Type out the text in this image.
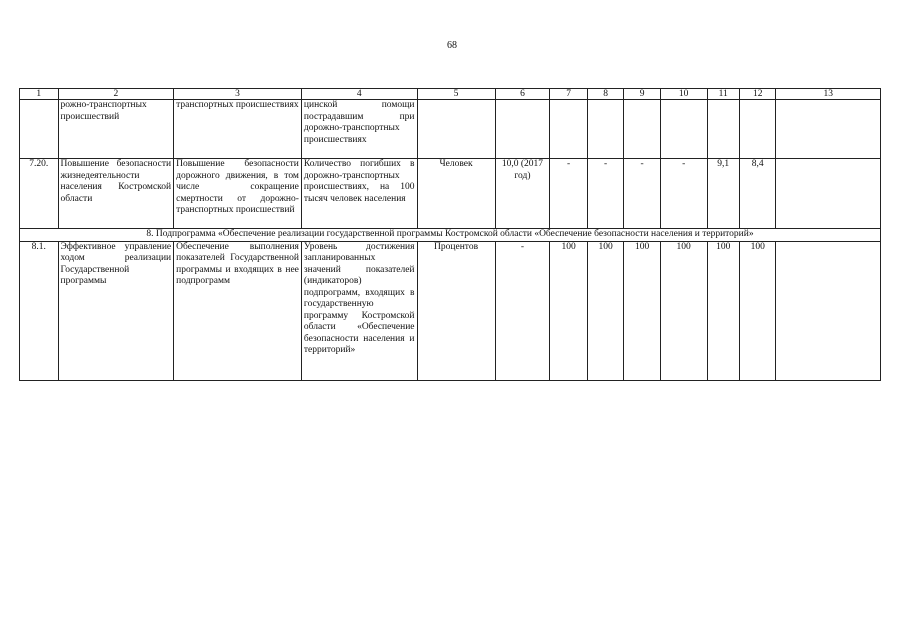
68
1	2	3	4	5	6	7	8	9	10	11	12	13
	рожно-транспортных происшествий	транспортных происшествиях	цинской помощи пострадавшим при дорожно-транспортных происшествиях									
7.20.	Повышение безопасности жизнедеятельности населения Костромской области	Повышение безопасности дорожного движения, в том числе сокращение смертности от дорожно-транспортных происшествий	Количество погибших в дорожно-транспортных происшествиях, на 100 тысяч человек населения	Человек	10,0 (2017 год)	-	-	-	-	9,1	8,4	
8. Подпрограмма «Обеспечение реализации государственной программы Костромской области «Обеспечение безопасности населения и территорий»												
8.1.	Эффективное управление ходом реализации Государственной программы	Обеспечение выполнения показателей Государственной программы и входящих в нее подпрограмм	Уровень достижения запланированных значений показателей (индикаторов) подпрограмм, входящих в государственную программу Костромской области «Обеспечение безопасности населения и территорий»	Процентов	-	100	100	100	100	100	100	
